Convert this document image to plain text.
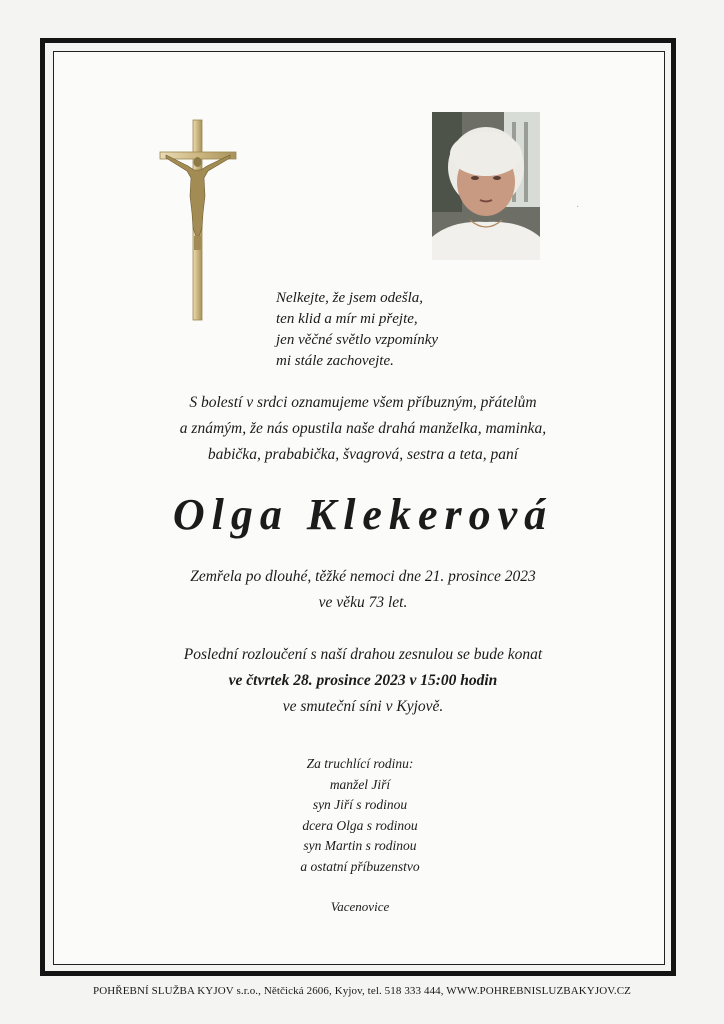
·
Nelkejte, že jsem odešla,
ten klid a mír mi přejte,
jen věčné světlo vzpomínky
mi stále zachovejte.
S bolestí v srdci oznamujeme všem příbuzným, přátelům
a známým, že nás opustila naše drahá manželka, maminka,
babička, prababička, švagrová, sestra a teta, paní
Olga Klekerová
Zemřela po dlouhé, těžké nemoci dne 21. prosince 2023
ve věku 73 let.
Poslední rozloučení s naší drahou zesnulou se bude konat
ve čtvrtek 28. prosince 2023 v 15:00 hodin
ve smuteční síni v Kyjově.
Za truchlící rodinu:
manžel Jiří
syn Jiří s rodinou
dcera Olga s rodinou
syn Martin s rodinou
a ostatní příbuzenstvo
Vacenovice
POHŘEBNÍ SLUŽBA KYJOV s.r.o., Nětčická 2606, Kyjov, tel. 518 333 444, WWW.POHREBNISLUZBAKYJOV.CZ
